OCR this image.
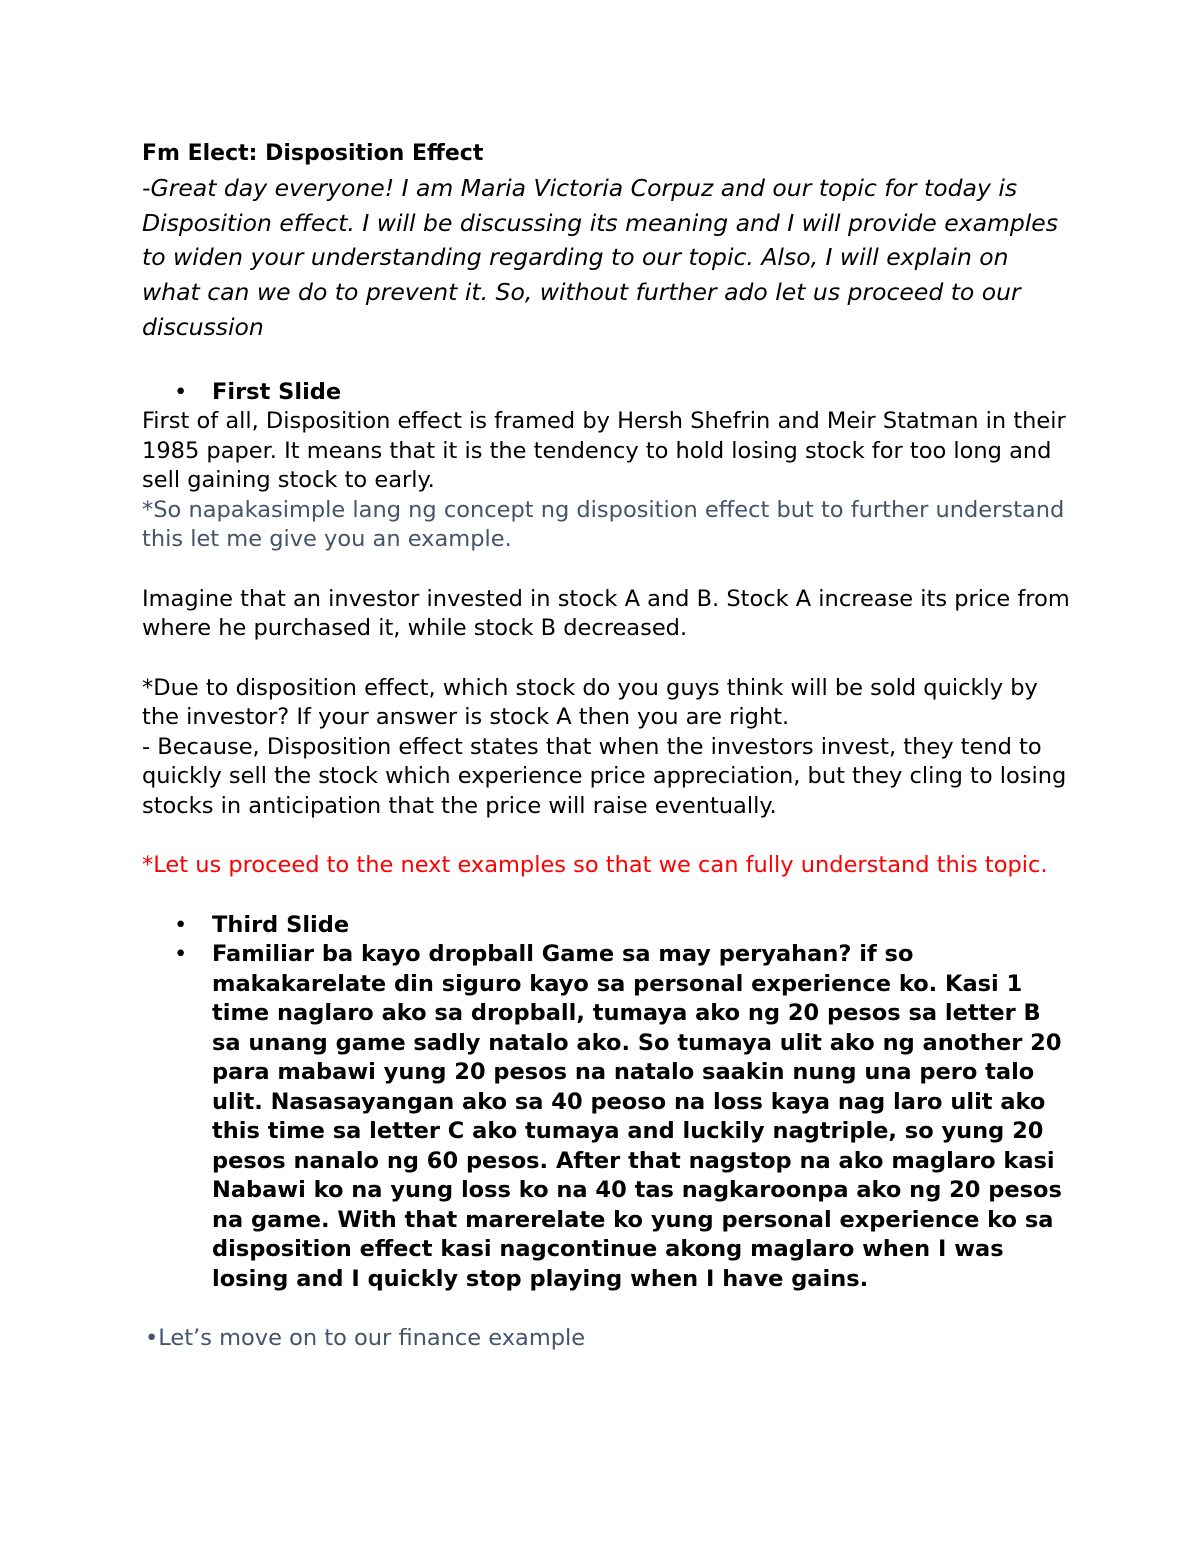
Fm Elect: Disposition Effect

-Great day everyone! I am Maria Victoria Corpuz and our topic for today is Disposition effect. I will be discussing its meaning and I will provide examples to widen your understanding regarding to our topic. Also, I will explain on what can we do to prevent it. So, without further ado let us proceed to our discussion

• First Slide

First of all, Disposition effect is framed by Hersh Shefrin and Meir Statman in their 1985 paper. It means that it is the tendency to hold losing stock for too long and sell gaining stock to early.

*So napakasimple lang ng concept ng disposition effect but to further understand this let me give you an example.

Imagine that an investor invested in stock A and B. Stock A increase its price from where he purchased it, while stock B decreased.

*Due to disposition effect, which stock do you guys think will be sold quickly by the investor? If your answer is stock A then you are right.

- Because, Disposition effect states that when the investors invest, they tend to quickly sell the stock which experience price appreciation, but they cling to losing stocks in anticipation that the price will raise eventually.

*Let us proceed to the next examples so that we can fully understand this topic.

• Third Slide
• Familiar ba kayo dropball Game sa may peryahan? if so makakarelate din siguro kayo sa personal experience ko. Kasi 1 time naglaro ako sa dropball, tumaya ako ng 20 pesos sa letter B sa unang game sadly natalo ako. So tumaya ulit ako ng another 20 para mabawi yung 20 pesos na natalo saakin nung una pero talo ulit. Nasasayangan ako sa 40 peoso na loss kaya nag laro ulit ako this time sa letter C ako tumaya and luckily nagtriple, so yung 20 pesos nanalo ng 60 pesos. After that nagstop na ako maglaro kasi Nabawi ko na yung loss ko na 40 tas nagkaroonpa ako ng 20 pesos na game. With that marerelate ko yung personal experience ko sa disposition effect kasi nagcontinue akong maglaro when I was losing and I quickly stop playing when I have gains.
•Let’s move on to our finance example
